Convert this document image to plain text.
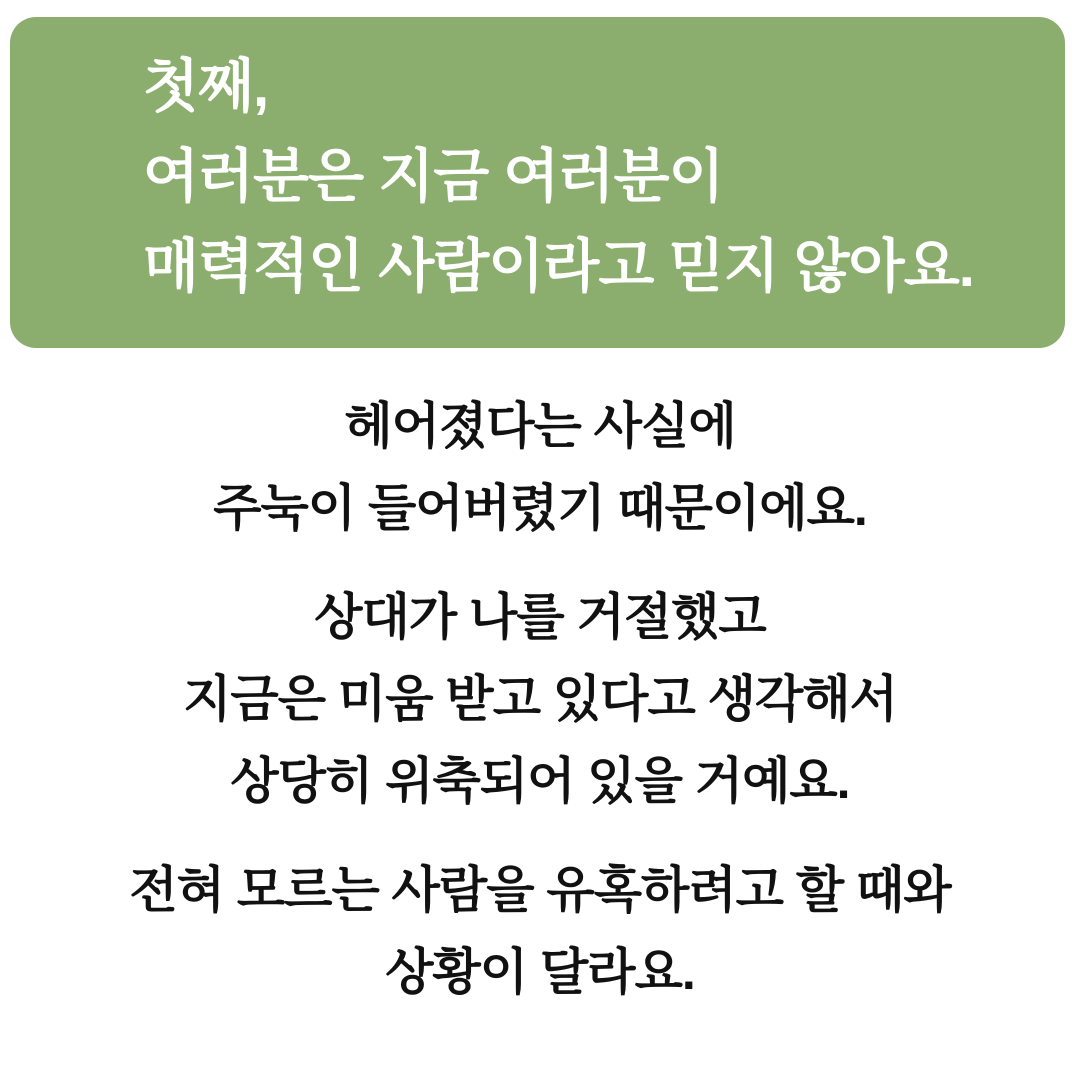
첫째,
여러분은 지금 여러분이
매력적인 사람이라고 믿지 않아요.

헤어졌다는 사실에
주눅이 들어버렸기 때문이에요.

상대가 나를 거절했고
지금은 미움 받고 있다고 생각해서
상당히 위축되어 있을 거예요.

전혀 모르는 사람을 유혹하려고 할 때와
상황이 달라요.
